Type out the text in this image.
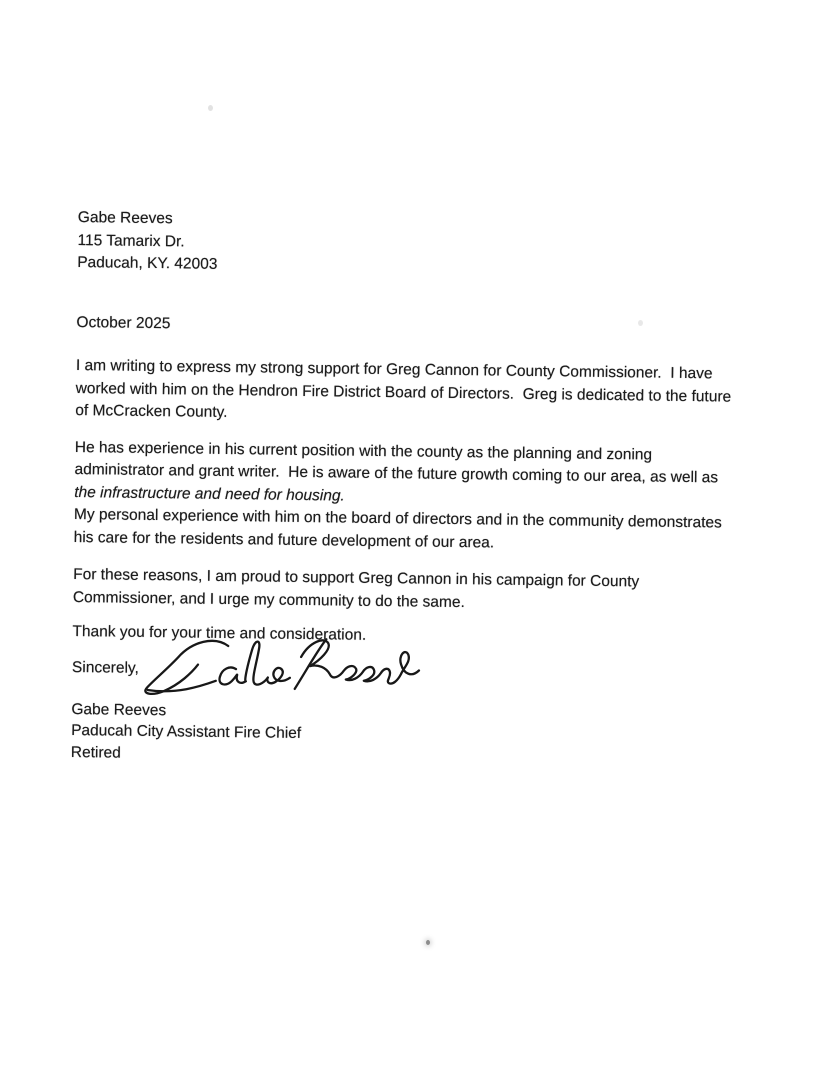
Gabe Reeves
115 Tamarix Dr.
Paducah, KY. 42003
October 2025
I am writing to express my strong support for Greg Cannon for County Commissioner.  I have
worked with him on the Hendron Fire District Board of Directors.  Greg is dedicated to the future
of McCracken County.
He has experience in his current position with the county as the planning and zoning
administrator and grant writer.  He is aware of the future growth coming to our area, as well as
the infrastructure and need for housing.
My personal experience with him on the board of directors and in the community demonstrates
his care for the residents and future development of our area.
For these reasons, I am proud to support Greg Cannon in his campaign for County
Commissioner, and I urge my community to do the same.
Thank you for your time and consideration.
Sincerely,
Gabe Reeves
Paducah City Assistant Fire Chief
Retired
